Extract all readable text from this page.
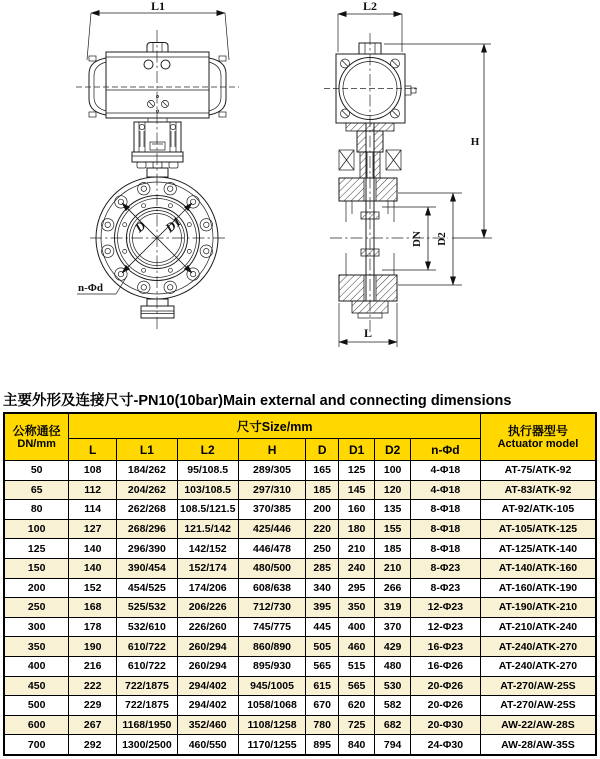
L1
D D1
n-Φd
L2
DN D2
H
L
主要外形及连接尺寸-PN10(10bar)Main external and connecting dimensions
公称通径
DN/mm
	尺寸Size/mm	执行器型号
Actuator model

	L	L1	L2	H	D	D1	D2	n-Φd	
50	108	184/262	95/108.5	289/305	165	125	100	4-Φ18	AT-75/ATK-92
65	112	204/262	103/108.5	297/310	185	145	120	4-Φ18	AT-83/ATK-92
80	114	262/268	108.5/121.5	370/385	200	160	135	8-Φ18	AT-92/ATK-105
100	127	268/296	121.5/142	425/446	220	180	155	8-Φ18	AT-105/ATK-125
125	140	296/390	142/152	446/478	250	210	185	8-Φ18	AT-125/ATK-140
150	140	390/454	152/174	480/500	285	240	210	8-Φ23	AT-140/ATK-160
200	152	454/525	174/206	608/638	340	295	266	8-Φ23	AT-160/ATK-190
250	168	525/532	206/226	712/730	395	350	319	12-Φ23	AT-190/ATK-210
300	178	532/610	226/260	745/775	445	400	370	12-Φ23	AT-210/ATK-240
350	190	610/722	260/294	860/890	505	460	429	16-Φ23	AT-240/ATK-270
400	216	610/722	260/294	895/930	565	515	480	16-Φ26	AT-240/ATK-270
450	222	722/1875	294/402	945/1005	615	565	530	20-Φ26	AT-270/AW-25S
500	229	722/1875	294/402	1058/1068	670	620	582	20-Φ26	AT-270/AW-25S
600	267	1168/1950	352/460	1108/1258	780	725	682	20-Φ30	AW-22/AW-28S
700	292	1300/2500	460/550	1170/1255	895	840	794	24-Φ30	AW-28/AW-35S
